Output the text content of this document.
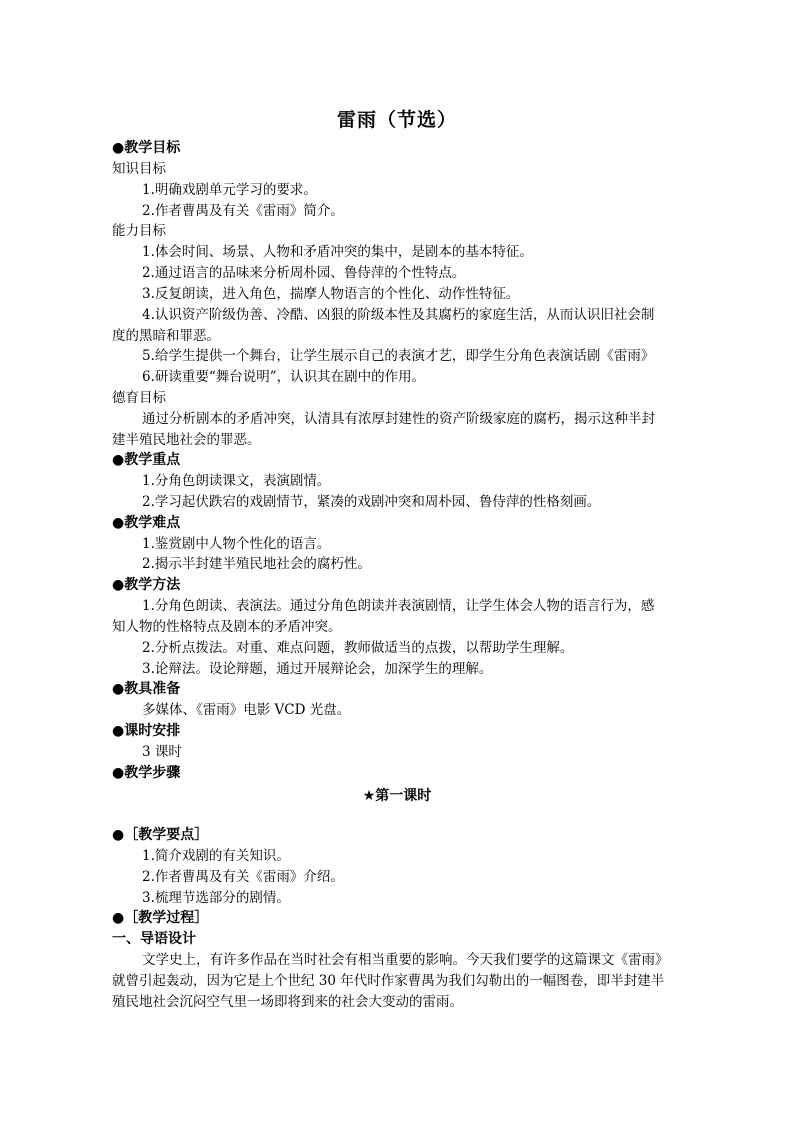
雷雨（节选）
●教学目标
知识目标
1.明确戏剧单元学习的要求。
2.作者曹禺及有关《雷雨》简介。
能力目标
1.体会时间、场景、人物和矛盾冲突的集中，是剧本的基本特征。
2.通过语言的品味来分析周朴园、鲁侍萍的个性特点。
3.反复朗读，进入角色，揣摩人物语言的个性化、动作性特征。
4.认识资产阶级伪善、冷酷、凶狠的阶级本性及其腐朽的家庭生活，从而认识旧社会制
度的黑暗和罪恶。
5.给学生提供一个舞台，让学生展示自己的表演才艺，即学生分角色表演话剧《雷雨》
6.研读重要“舞台说明”，认识其在剧中的作用。
德育目标
通过分析剧本的矛盾冲突，认清具有浓厚封建性的资产阶级家庭的腐朽，揭示这种半封
建半殖民地社会的罪恶。
●教学重点
1.分角色朗读课文，表演剧情。
2.学习起伏跌宕的戏剧情节，紧凑的戏剧冲突和周朴园、鲁侍萍的性格刻画。
●教学难点
1.鉴赏剧中人物个性化的语言。
2.揭示半封建半殖民地社会的腐朽性。
●教学方法
1.分角色朗读、表演法。通过分角色朗读并表演剧情，让学生体会人物的语言行为，感
知人物的性格特点及剧本的矛盾冲突。
2.分析点拨法。对重、难点问题，教师做适当的点拨，以帮助学生理解。
3.论辩法。设论辩题，通过开展辩论会，加深学生的理解。
●教具准备
多媒体、《雷雨》电影 VCD 光盘。
●课时安排
3 课时
●教学步骤
★第一课时
●［教学要点］
1.简介戏剧的有关知识。
2.作者曹禺及有关《雷雨》介绍。
3.梳理节选部分的剧情。
●［教学过程］
一、导语设计
文学史上，有许多作品在当时社会有相当重要的影响。今天我们要学的这篇课文《雷雨》
就曾引起轰动，因为它是上个世纪 30 年代时作家曹禺为我们勾勒出的一幅图卷，即半封建半
殖民地社会沉闷空气里一场即将到来的社会大变动的雷雨。
